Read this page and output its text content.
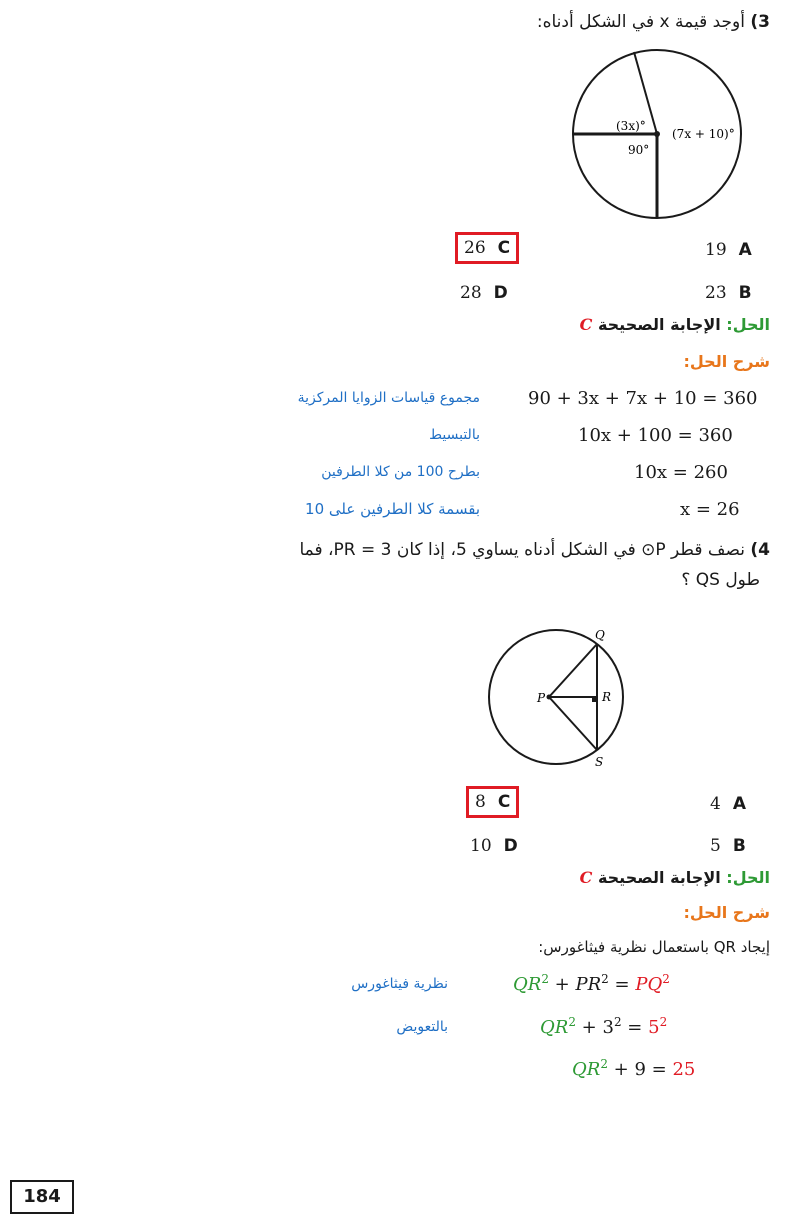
3) أوجد قيمة x في الشكل أدناه:
(3x)°
(7x + 10)°
90°
26 C	19 A
28 D	23 B
الحل: الإجابة الصحيحة C
شرح الحل:
90 + 3x + 7x + 10 = 360
مجموع قياسات الزوايا المركزية
10x + 100 = 360
بالتبسيط
10x = 260
بطرح 100 من كلا الطرفين
x = 26
بقسمة كلا الطرفين على 10
4) نصف قطر P⊙ في الشكل أدناه يساوي 5، إذا كان PR = 3، فما
طول QS ؟
P
Q
R
S
8 C	4 A
10 D	5 B
الحل: الإجابة الصحيحة C
شرح الحل:
إيجاد QR باستعمال نظرية فيثاغورس:
$QR^2 + PR^2 = PQ^2$
نظرية فيثاغورس
$QR^2 + 3^2 = 5^2$
بالتعويض
$QR^2 + 9 = 25$
184
